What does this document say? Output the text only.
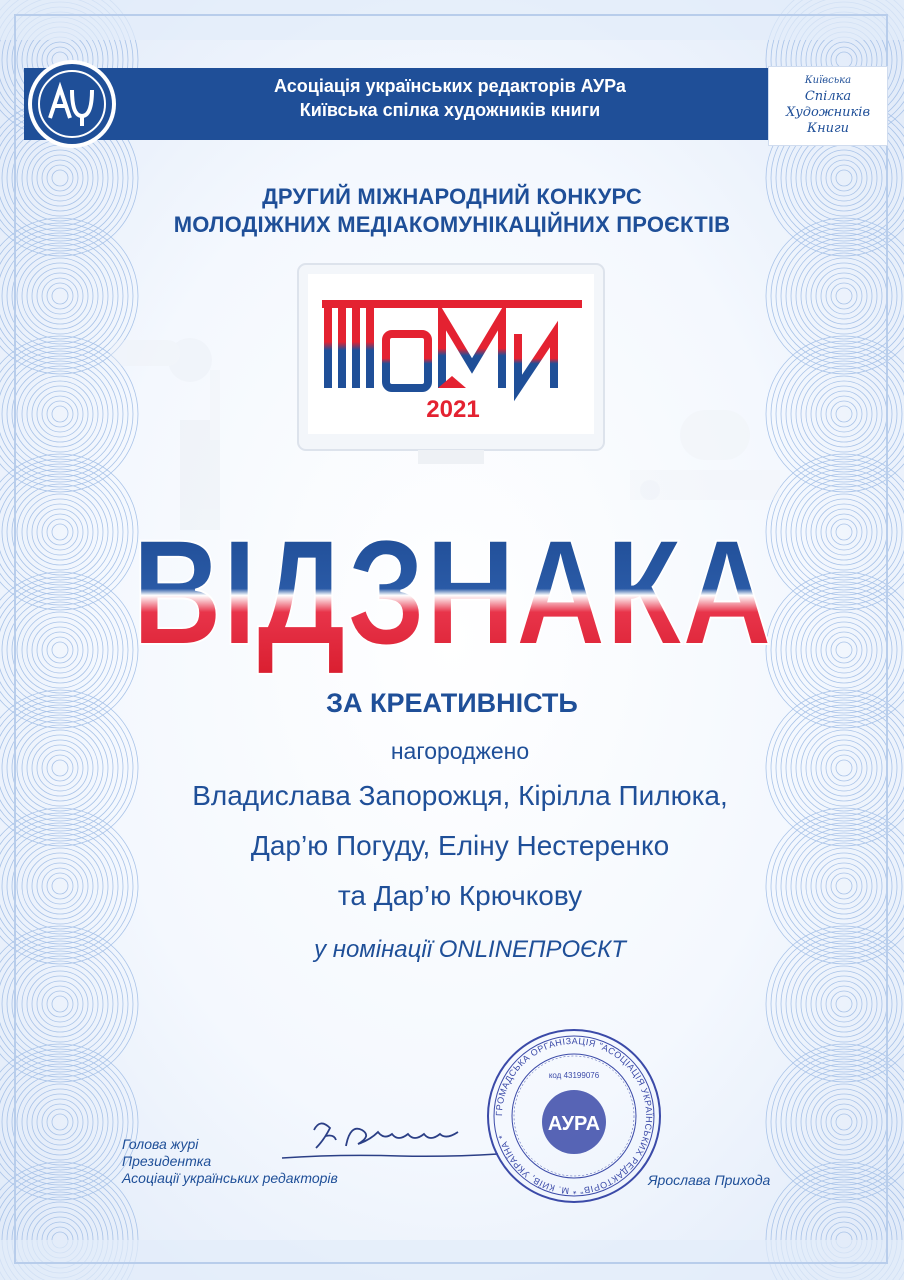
Асоціація українських редакторів АУРа
Київська спілка художників книги
Київська
Спілка
Художників
Книги
ДРУГИЙ МІЖНАРОДНИЙ КОНКУРС
МОЛОДІЖНИХ МЕДІАКОМУНІКАЦІЙНИХ ПРОЄКТІВ
ПОМИ
2021
ВІДЗНАКА
ЗА КРЕАТИВНІСТЬ
нагороджено
Владислава Запорожця, Кірілла Пилюка,
Дар’ю Погуду, Еліну Нестеренко
та Дар’ю Крючкову
у номінації ONLINEПРОЄКТ
Голова журі
Президентка
Асоціації українських редакторів
ГРОМАДСЬКА ОРГАНІЗАЦІЯ "АСОЦІАЦІЯ УКРАЇНСЬКИХ РЕДАКТОРІВ" * М. КИЇВ, УКРАЇНА *
код 43199076
АУРА
Ярослава Прихода
